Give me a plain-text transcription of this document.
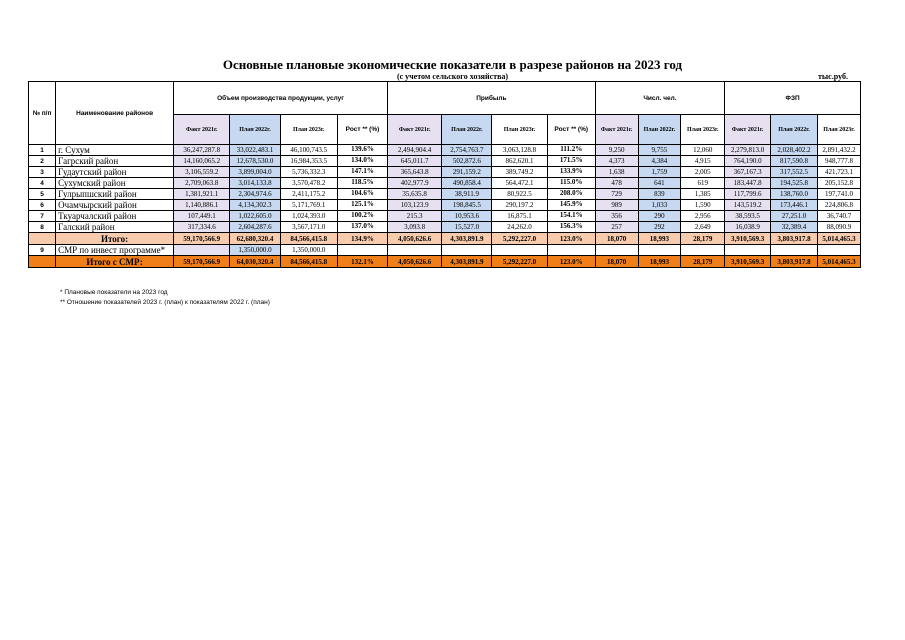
Основные плановые экономические показатели в разрезе районов на 2023 год
(с учетом сельского хозяйства)	тыс.руб.
№ п/п	Наименование районов	Объем производства продукции, услуг				Прибыль				Числ. чел.			ФЗП		
		Факт 2021г.	План 2022г.	План 2023г.	Рост ** (%)	Факт 2021г.	План 2022г.	План 2023г.	Рост ** (%)	Факт 2021г.	План 2022г.	План 2023г.	Факт 2021г.	План 2022г.	План 2023г.
1	г. Сухум	36,247,287.8	33,022,483.1	46,100,743.5	139.6%	2,494,904.4	2,754,763.7	3,063,128.8	111.2%	9,250	9,755	12,060	2,279,813.0	2,028,402.2	2,891,432.2
2	Гагрский район	14,160,065.2	12,678,530.0	16,984,353.5	134.0%	645,011.7	502,872.6	862,620.1	171.5%	4,373	4,384	4,915	764,190.0	817,590.8	948,777.8
3	Гудаутский район	3,106,559.2	3,899,004.0	5,736,332.3	147.1%	365,643.8	291,159.2	389,749.2	133.9%	1,638	1,759	2,005	367,167.3	317,552.5	421,723.1
4	Сухумский район	2,709,063.8	3,014,133.8	3,570,478.2	118.5%	402,977.9	490,858.4	564,472.1	115.0%	478	641	619	183,447.8	194,525.8	205,152.8
5	Гулрыпшский район	1,381,921.1	2,304,974.6	2,411,175.2	104.6%	35,635.8	38,911.9	80,922.5	208.0%	729	839	1,385	117,799.6	138,760.0	197,741.0
6	Очамчырский район	1,140,886.1	4,134,302.3	5,171,769.1	125.1%	103,123.9	198,845.5	290,197.2	145.9%	989	1,033	1,590	143,519.2	173,446.1	224,806.8
7	Ткуарчалский район	107,449.1	1,022,605.0	1,024,393.0	100.2%	215.3	10,953.6	16,875.1	154.1%	356	290	2,956	38,593.5	27,251.0	36,740.7
8	Галский район	317,334.6	2,604,287.6	3,567,171.0	137.0%	3,093.8	15,527.0	24,262.0	156.3%	257	292	2,649	16,038.9	32,389.4	88,090.9
	Итого:	59,170,566.9	62,680,320.4	84,566,415.8	134.9%	4,050,626.6	4,303,891.9	5,292,227.0	123.0%	18,070	18,993	28,179	3,910,569.3	3,803,917.8	5,014,465.3
9	СМР по инвест программе*		1,350,000.0	1,350,000.0											
	Итого с СМР:	59,170,566.9	64,030,320.4	84,566,415.8	132.1%	4,050,626.6	4,303,891.9	5,292,227.0	123.0%	18,070	18,993	28,179	3,910,569.3	3,803,917.8	5,014,465.3
* Плановые показатели на 2023 год
** Отношение показателей 2023 г. (план) к показателям 2022 г. (план)
